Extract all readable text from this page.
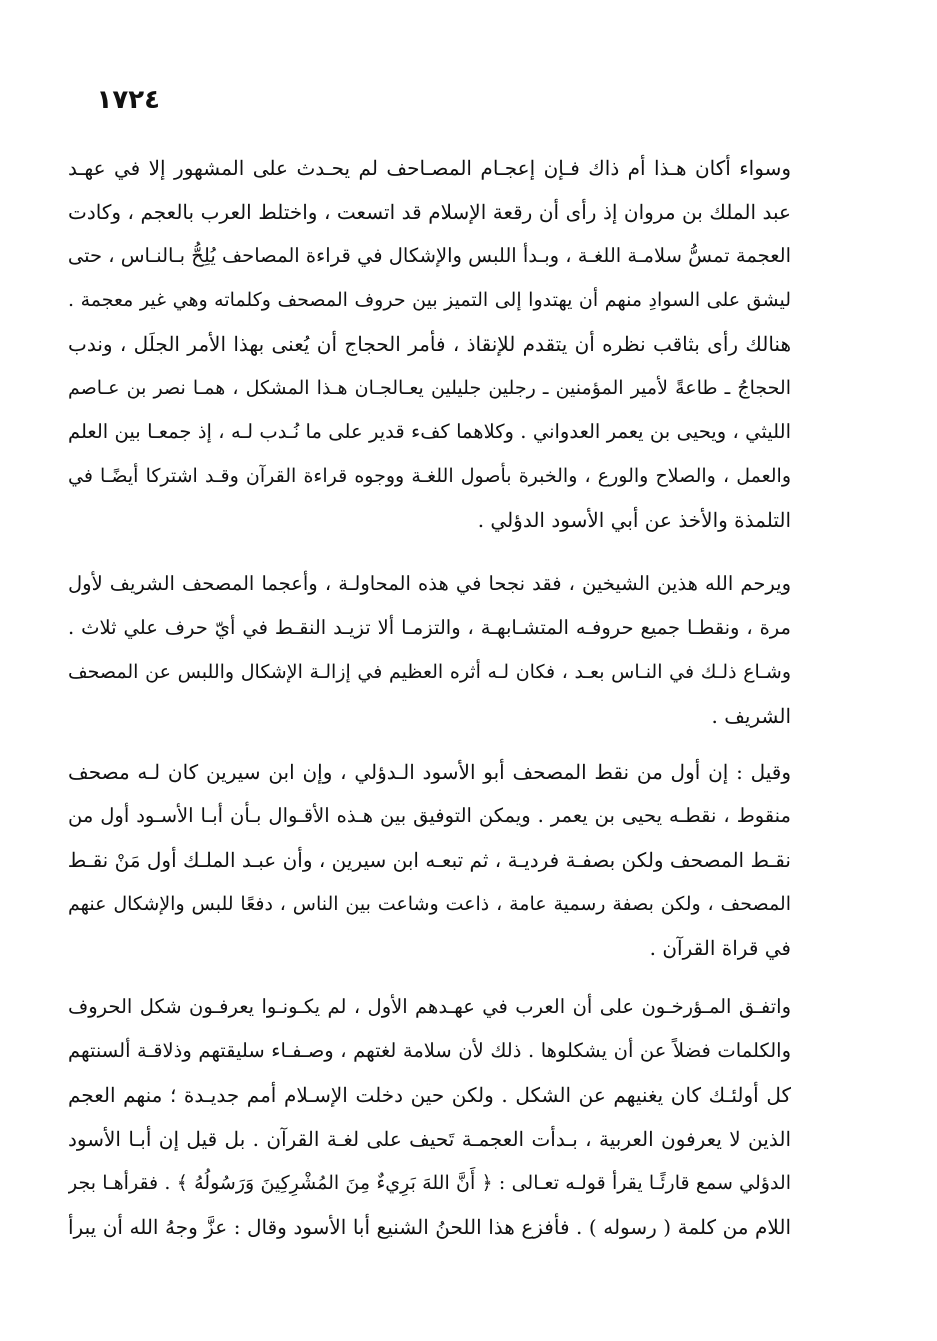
١٧٢٤
وسواء أكان هـذا أم ذاك فـإن إعجـام المصـاحف لم يحـدث على المشهور إلا في عهـد
عبد الملك بن مروان إذ رأى أن رقعة الإسلام قد اتسعت ، واختلط العرب بالعجم ، وكادت
العجمة تمسُّ سلامـة اللغـة ، وبـدأ اللبس والإشكال في قراءة المصاحف يُلِحُّ بـالنـاس ، حتى
ليشق على السوادِ منهم أن يهتدوا إلى التميز بين حروف المصحف وكلماته وهي غير معجمة .
هنالك رأى بثاقب نظره أن يتقدم للإنقاذ ، فأمر الحجاج أن يُعنى بهذا الأمر الجلَل ، وندب
الحجاجُ ـ طاعةً لأمير المؤمنين ـ رجلين جليلين يعـالجـان هـذا المشكل ، همـا نصر بن عـاصم
الليثي ، ويحيى بن يعمر العدواني . وكلاهما كفء قدير على ما نُـدب لـه ، إذ جمعـا بين العلم
والعمل ، والصلاح والورع ، والخبرة بأصول اللغـة ووجوه قراءة القرآن وقـد اشتركا أيضًـا في
التلمذة والأخذ عن أبي الأسود الدؤلي .
ويرحم الله هذين الشيخين ، فقد نجحا في هذه المحاولـة ، وأعجما المصحف الشريف لأول
مرة ، ونقطـا جميع حروفـه المتشـابهـة ، والتزمـا ألا تزيـد النقـط في أيّ حرف علي ثلاث .
وشـاع ذلـك في النـاس بعـد ، فكان لـه أثره العظيم في إزالـة الإشكال واللبس عن المصحف
الشريف .
وقيل : إن أول من نقط المصحف أبو الأسود الـدؤلي ، وإن ابن سيرين كان لـه مصحف
منقوط ، نقطـه يحيى بن يعمر . ويمكن التوفيق بين هـذه الأقـوال بـأن أبـا الأسـود أول من
نقـط المصحف ولكن بصفـة فرديـة ، ثم تبعـه ابن سيرين ، وأن عبـد الملـك أول مَنْ نقـط
المصحف ، ولكن بصفة رسمية عامة ، ذاعت وشاعت بين الناس ، دفعًا للبس والإشكال عنهم
في قراة القرآن .
واتفـق المـؤرخـون على أن العرب في عهـدهم الأول ، لم يكـونـوا يعرفـون شكل الحروف
والكلمات فضلاً عن أن يشكلوها . ذلك لأن سلامة لغتهم ، وصـفـاء سليقتهم وذلاقـة ألسنتهم
كل أولئـك كان يغنيهم عن الشكل . ولكن حين دخلت الإسـلام أمم جديـدة ؛ منهم العجم
الذين لا يعرفون العربية ، بـدأت العجمـة تَحيف على لغـة القرآن . بل قيل إن أبـا الأسود
الدؤلي سمع قارئًـا يقرأ قولـه تعـالى : ﴿ أَنَّ اللهَ بَرِيءٌ مِنَ المُشْرِكِينَ وَرَسُولُهُ ﴾ . فقرأهـا بجر
اللام من كلمة ( رسوله ) . فأفزع هذا اللحنُ الشنيع أبا الأسود وقال : عزَّ وجهُ الله أن يبرأ
